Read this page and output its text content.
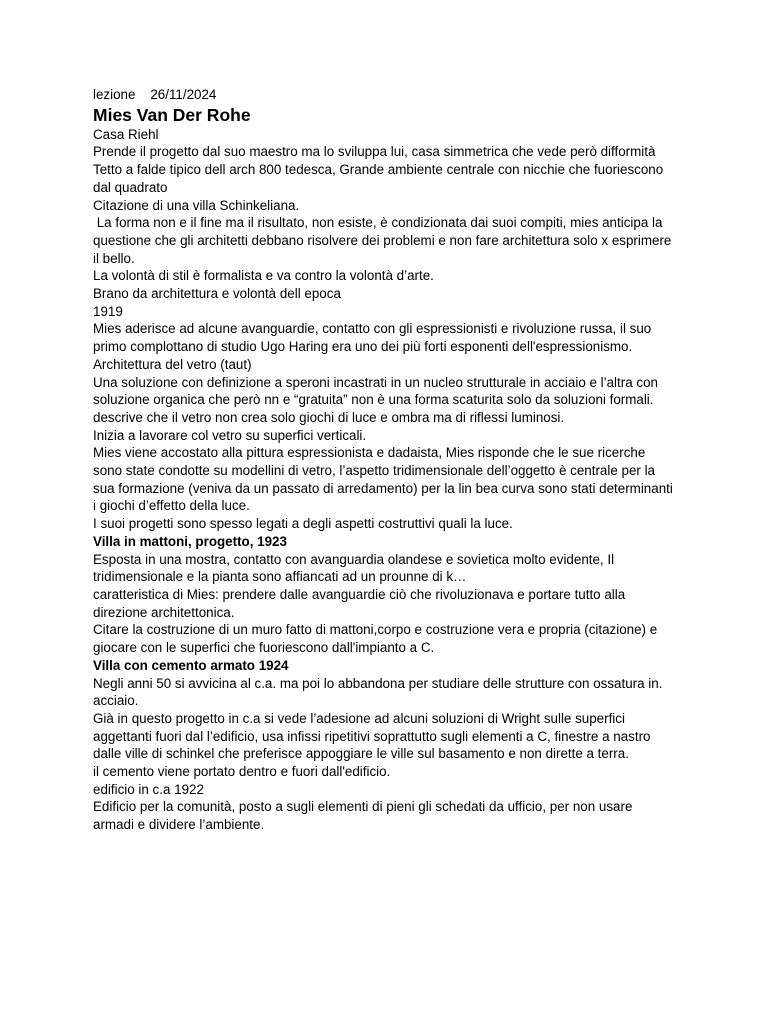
lezione 26/11/2024
Mies Van Der Rohe
Casa Riehl
Prende il progetto dal suo maestro ma lo sviluppa lui, casa simmetrica che vede però difformità
Tetto a falde tipico dell arch 800 tedesca, Grande ambiente centrale con nicchie che fuoriescono dal quadrato
Citazione di una villa Schinkeliana.
La forma non e il fine ma il risultato, non esiste, è condizionata dai suoi compiti, mies anticipa la questione che gli architetti debbano risolvere dei problemi e non fare architettura solo x esprimere il bello.
La volontà di stil è formalista e va contro la volontà d’arte.
Brano da architettura e volontà dell epoca
1919
Mies aderisce ad alcune avanguardie, contatto con gli espressionisti e rivoluzione russa, il suo primo complottano di studio Ugo Haring era uno dei più forti esponenti dell'espressionismo.
Architettura del vetro (taut)
Una soluzione con definizione a speroni incastrati in un nucleo strutturale in acciaio e l’altra con soluzione organica che però nn e “gratuita” non è una forma scaturita solo da soluzioni formali.
descrive che il vetro non crea solo giochi di luce e ombra ma di riflessi luminosi.
Inizia a lavorare col vetro su superfici verticali.
Mies viene accostato alla pittura espressionista e dadaista, Mies risponde che le sue ricerche sono state condotte su modellini di vetro, l’aspetto tridimensionale dell’oggetto è centrale per la sua formazione (veniva da un passato di arredamento) per la lin bea curva sono stati determinanti i giochi d’effetto della luce.
I suoi progetti sono spesso legati a degli aspetti costruttivi quali la luce.
Villa in mattoni, progetto, 1923
Esposta in una mostra, contatto con avanguardia olandese e sovietica molto evidente, Il tridimensionale e la pianta sono affiancati ad un prounne di k…
caratteristica di Mies: prendere dalle avanguardie ciò che rivoluzionava e portare tutto alla direzione architettonica.
Citare la costruzione di un muro fatto di mattoni,corpo e costruzione vera e propria (citazione) e giocare con le superfici che fuoriescono dall'impianto a C.
Villa con cemento armato 1924
Negli anni 50 si avvicina al c.a. ma poi lo abbandona per studiare delle strutture con ossatura in. acciaio.
Già in questo progetto in c.a si vede l’adesione ad alcuni soluzioni di Wright sulle superfici aggettanti fuori dal l’edificio, usa infissi ripetitivi soprattutto sugli elementi a C, finestre a nastro dalle ville di schinkel che preferisce appoggiare le ville sul basamento e non dirette a terra.
il cemento viene portato dentro e fuori dall'edificio.
edificio in c.a 1922
Edificio per la comunità, posto a sugli elementi di pieni gli schedati da ufficio, per non usare armadi e dividere l’ambiente.
